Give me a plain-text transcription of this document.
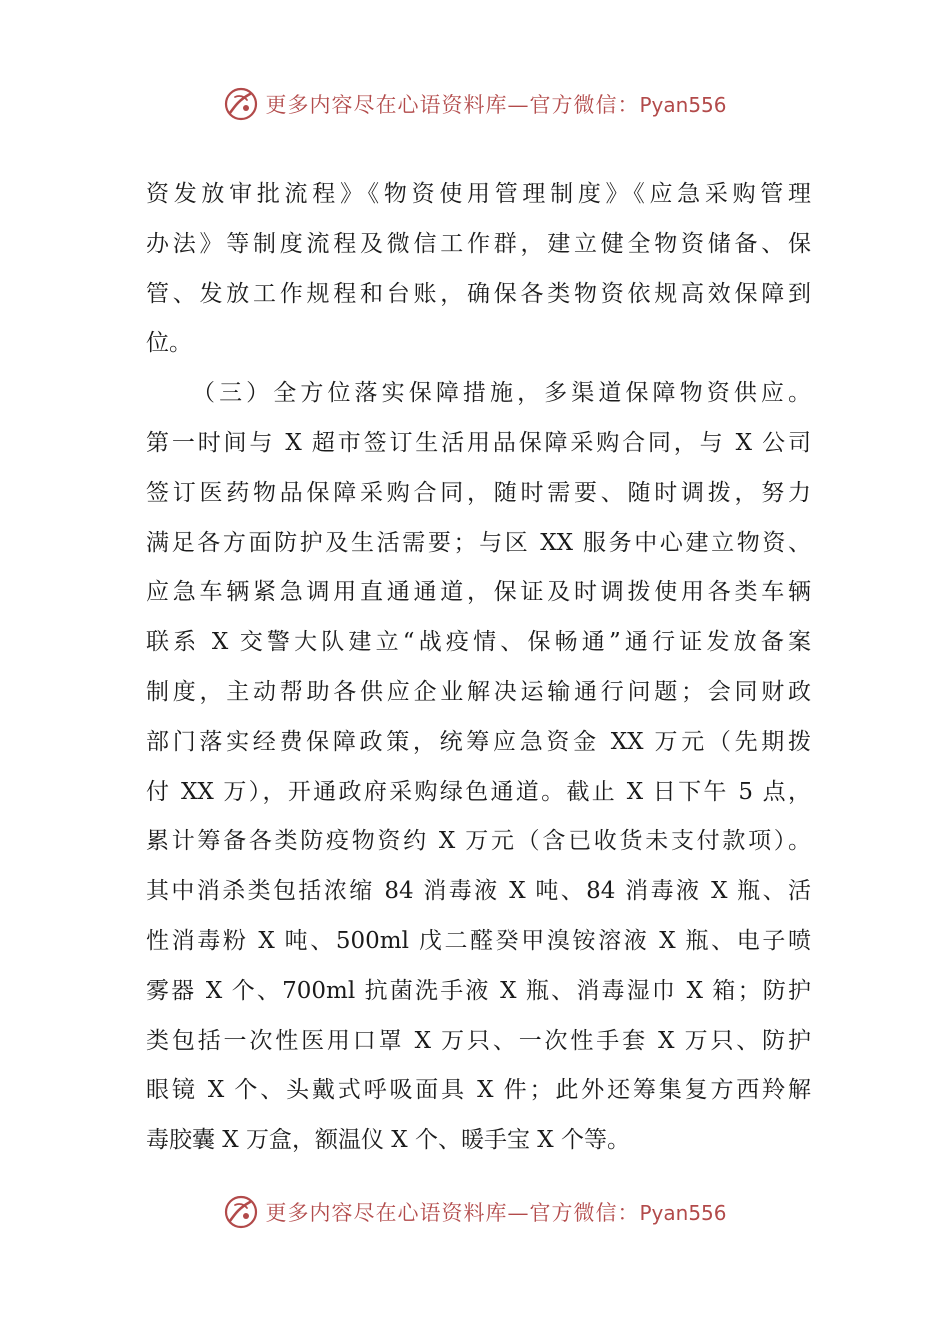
更多内容尽在心语资料库—官方微信：Pyan556
资发放审批流程》《物资使用管理制度》《应急采购管理
办法》等制度流程及微信工作群，建立健全物资储备、保
管、发放工作规程和台账，确保各类物资依规高效保障到
位。
（三）全方位落实保障措施，多渠道保障物资供应。
第一时间与 X 超市签订生活用品保障采购合同，与 X 公司
签订医药物品保障采购合同，随时需要、随时调拨，努力
满足各方面防护及生活需要；与区 XX 服务中心建立物资、
应急车辆紧急调用直通通道，保证及时调拨使用各类车辆
联系 X 交警大队建立“战疫情、保畅通”通行证发放备案
制度，主动帮助各供应企业解决运输通行问题；会同财政
部门落实经费保障政策，统筹应急资金 XX 万元（先期拨
付 XX 万），开通政府采购绿色通道。截止 X 日下午 5 点，
累计筹备各类防疫物资约 X 万元（含已收货未支付款项）。
其中消杀类包括浓缩 84 消毒液 X 吨、84 消毒液 X 瓶、活
性消毒粉 X 吨、500ml 戊二醛癸甲溴铵溶液 X 瓶、电子喷
雾器 X 个、700ml 抗菌洗手液 X 瓶、消毒湿巾 X 箱；防护
类包括一次性医用口罩 X 万只、一次性手套 X 万只、防护
眼镜 X 个、头戴式呼吸面具 X 件；此外还筹集复方西羚解
毒胶囊 X 万盒，额温仪 X 个、暖手宝 X 个等。
更多内容尽在心语资料库—官方微信：Pyan556
